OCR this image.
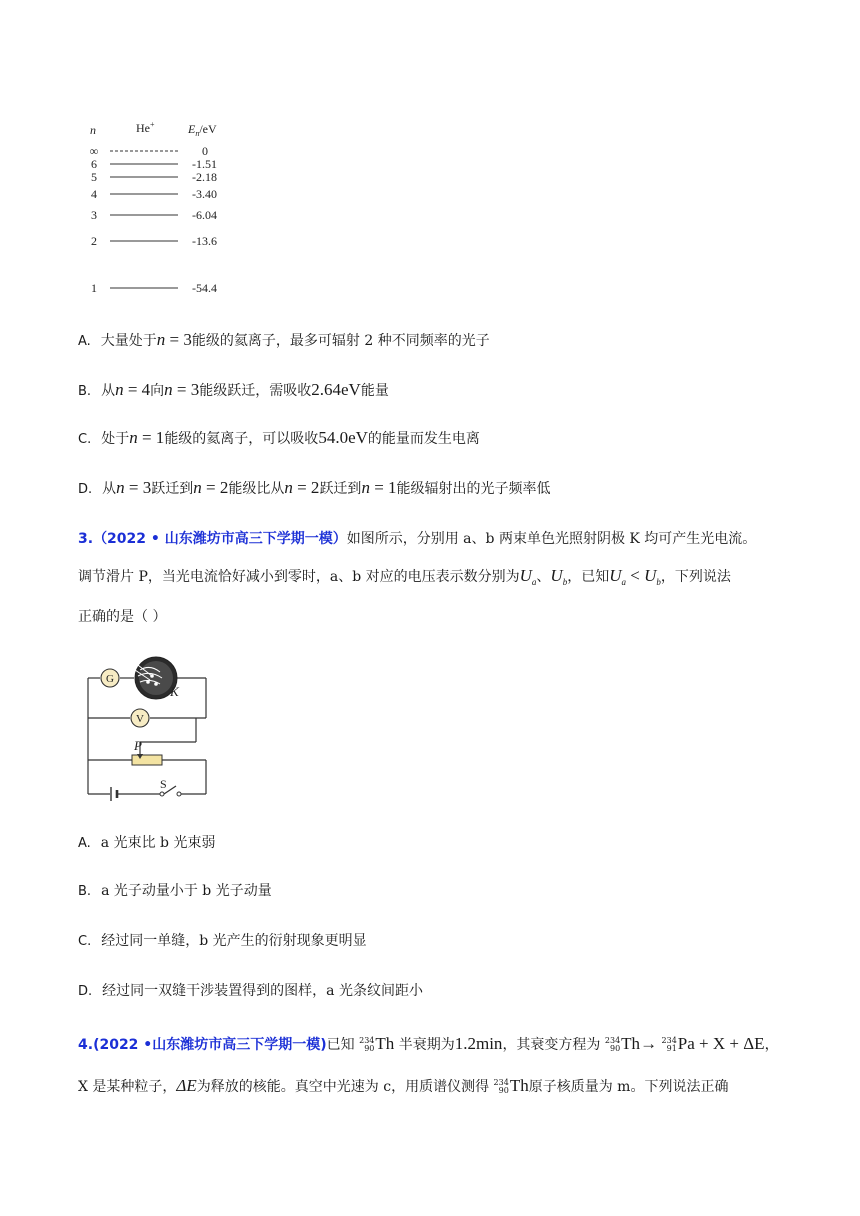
n	He+	$E_n/eV$
∞	0
6	-1.51
5	-2.18
4	-3.40
3	-6.04
2	-13.6
1	-54.4
A. 大量处于n = 3能级的氦离子，最多可辐射 2 种不同频率的光子
B. 从n = 4向n = 3能级跃迁，需吸收2.64eV能量
C. 处于n = 1能级的氦离子，可以吸收54.0eV的能量而发生电离
D. 从n = 3跃迁到n = 2能级比从n = 2跃迁到n = 1能级辐射出的光子频率低
3.（2022 • 山东潍坊市高三下学期一模）如图所示，分别用 a、b 两束单色光照射阴极 K 均可产生光电流。
调节滑片 P，当光电流恰好减小到零时，a、b 对应的电压表示数分别为$U_a$、$U_b$，已知$U_a < U_b$，下列说法
正确的是（ ）
G
V
K
P
S
A. a 光束比 b 光束弱
B. a 光子动量小于 b 光子动量
C. 经过同一单缝，b 光产生的衍射现象更明显
D. 经过同一双缝干涉装置得到的图样，a 光条纹间距小
4.(2022 •山东潍坊市高三下学期一模)已知 234
90 Th 半衰期为1.2min，其衰变方程为 234
90 Th→ 234
91 Pa + X + ΔE，
X 是某种粒子，ΔE为释放的核能。真空中光速为 c，用质谱仪测得 234
90 Th原子核质量为 m。下列说法正确
